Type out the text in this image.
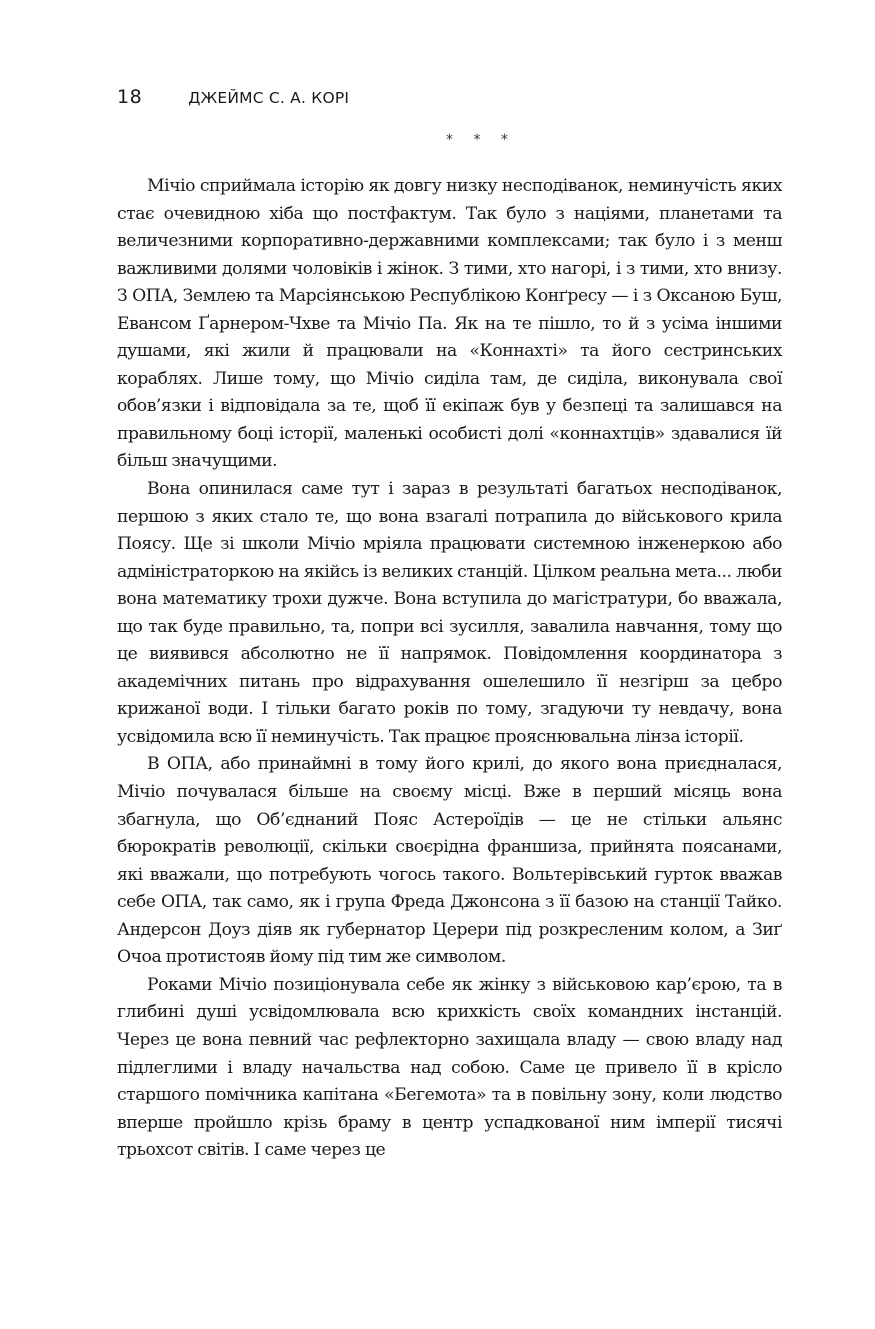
18	ДЖЕЙМС С. А. КОРІ
* * *

Мічіо сприймала історію як довгу низку несподіванок, неминучість яких стає очевидною хіба що постфактум. Так було з націями, планетами та величезними корпоративно-державними комплексами; так було і з менш важливими долями чоловіків і жінок. З тими, хто нагорі, і з тими, хто внизу. З ОПА, Землею та Марсіянською Республікою Конґресу — і з Оксаною Буш, Евансом Ґарнером-Чхве та Мічіо Па. Як на те пішло, то й з усіма іншими душами, які жили й працювали на «Коннахті» та його сестринських кораблях. Лише тому, що Мічіо сиділа там, де сиділа, виконувала свої обов’язки і відповідала за те, щоб її екіпаж був у безпеці та залишався на правильному боці історії, маленькі особисті долі «коннахтців» здавалися їй більш значущими.

Вона опинилася саме тут і зараз в результаті багатьох несподіванок, першою з яких стало те, що вона взагалі потрапила до військового крила Поясу. Ще зі школи Мічіо мріяла працювати системною інженеркою або адміністраторкою на якійсь із великих станцій. Цілком реальна мета... люби вона математику трохи дужче. Вона вступила до магістратури, бо вважала, що так буде правильно, та, попри всі зусилля, завалила навчання, тому що це виявився абсолютно не її напрямок. Повідомлення координатора з академічних питань про відрахування ошелешило її незгірш за цебро крижаної води. І тільки багато років по тому, згадуючи ту невдачу, вона усвідомила всю її неминучість. Так працює прояснювальна лінза історії.

В ОПА, або принаймні в тому його крилі, до якого вона приєдналася, Мічіо почувалася більше на своєму місці. Вже в перший місяць вона збагнула, що Об’єднаний Пояс Астероїдів — це не стільки альянс бюрократів революції, скільки своєрідна франшиза, прийнята поясанами, які вважали, що потребують чогось такого. Вольтерівський гурток вважав себе ОПА, так само, як і група Фреда Джонсона з її базою на станції Тайко. Андерсон Доуз діяв як губернатор Церери під розкресленим колом, а Зиґ Очоа протистояв йому під тим же символом.

Роками Мічіо позиціонувала себе як жінку з військовою кар’єрою, та в глибині душі усвідомлювала всю крихкість своїх командних інстанцій. Через це вона певний час рефлекторно захищала владу — свою владу над підлеглими і владу начальства над собою. Саме це привело її в крісло старшого помічника капітана «Бегемота» та в повільну зону, коли людство вперше пройшло крізь браму в центр успадкованої ним імперії тисячі трьохсот світів. І саме через це
